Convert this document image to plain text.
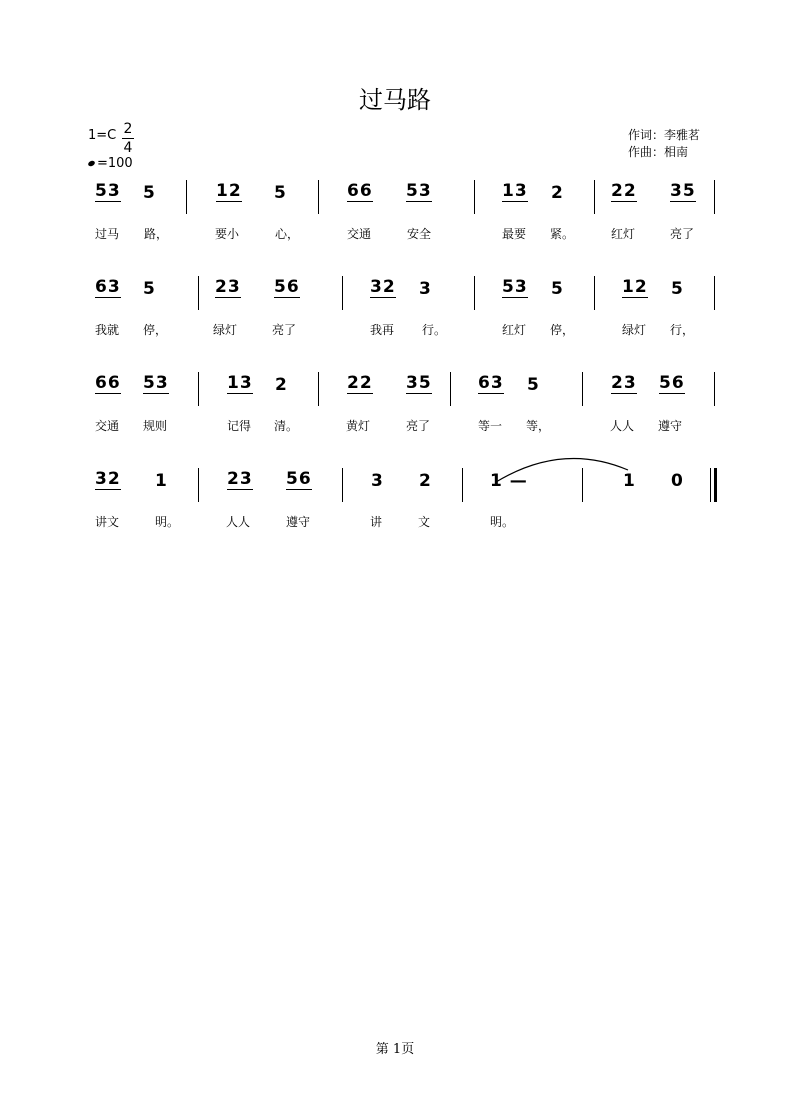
过马路
1=C 2
4
=100
作词：李雅茗
作曲：相南
53 5	12 5	66 53	13 2	22 35
过马 路，	要小	心，	交通	安全	最要 紧。	红灯	亮了
63 5	23 56	32 3	53 5	12 5
我就 停，	绿灯	亮了	我再 行。	红灯 停，	绿灯 行，
66 53	13 2	22 35	63 5	23 56
交通 规则	记得 清。	黄灯	亮了	等一 等，	人人 遵守
32 1	23 56	3 2	1 —	1 0
讲文	明。	人人	遵守	讲	文	明。
第 1页
